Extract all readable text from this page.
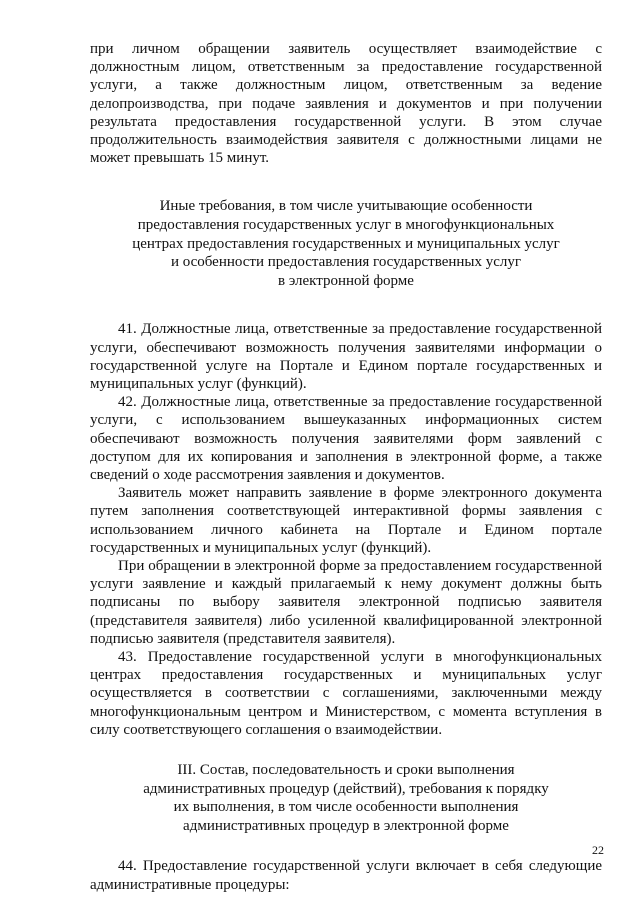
при личном обращении заявитель осуществляет взаимодействие с должностным лицом, ответственным за предоставление государственной услуги, а также должностным лицом, ответственным за ведение делопроизводства, при подаче заявления и документов и при получении результата предоставления государственной услуги. В этом случае продолжительность взаимодействия заявителя с должностными лицами не может превышать 15 минут.

Иные требования, в том числе учитывающие особенности
предоставления государственных услуг в многофункциональных
центрах предоставления государственных и муниципальных услуг
и особенности предоставления государственных услуг
в электронной форме

41. Должностные лица, ответственные за предоставление государственной услуги, обеспечивают возможность получения заявителями информации о государственной услуге на Портале и Едином портале государственных и муниципальных услуг (функций).

42. Должностные лица, ответственные за предоставление государственной услуги, с использованием вышеуказанных информационных систем обеспечивают возможность получения заявителями форм заявлений с доступом для их копирования и заполнения в электронной форме, а также сведений о ходе рассмотрения заявления и документов.

Заявитель может направить заявление в форме электронного документа путем заполнения соответствующей интерактивной формы заявления с использованием личного кабинета на Портале и Едином портале государственных и муниципальных услуг (функций).

При обращении в электронной форме за предоставлением государственной услуги заявление и каждый прилагаемый к нему документ должны быть подписаны по выбору заявителя электронной подписью заявителя (представителя заявителя) либо усиленной квалифицированной электронной подписью заявителя (представителя заявителя).

43. Предоставление государственной услуги в многофункциональных центрах предоставления государственных и муниципальных услуг осуществляется в соответствии с соглашениями, заключенными между многофункциональным центром и Министерством, с момента вступления в силу соответствующего соглашения о взаимодействии.

III. Состав, последовательность и сроки выполнения
административных процедур (действий), требования к порядку
их выполнения, в том числе особенности выполнения
административных процедур в электронной форме

44. Предоставление государственной услуги включает в себя следующие административные процедуры:

22
